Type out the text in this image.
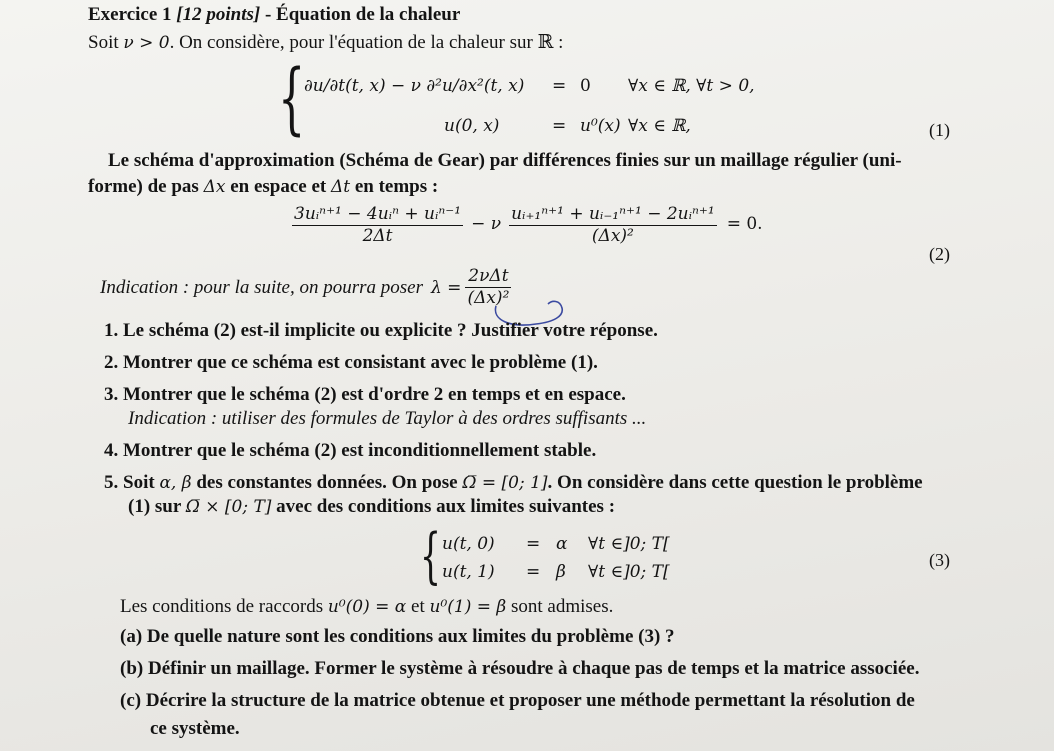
Exercice 1 [12 points] - Équation de la chaleur
Soit ν > 0. On considère, pour l'équation de la chaleur sur ℝ :
{
∂u/∂t(t, x) − ν ∂²u/∂x²(t, x) = 0 ∀x ∈ ℝ, ∀t > 0,
u(0, x)	= u⁰(x) ∀x ∈ ℝ,	(1)
Le schéma d'approximation (Schéma de Gear) par différences finies sur un maillage régulier (uni-
forme) de pas Δx en espace et Δt en temps :
$\frac{\text{3uᵢⁿ⁺¹ − 4uᵢⁿ + uᵢⁿ⁻¹}}{2\Delta t} - \nu \frac{\text{uᵢ₊₁ⁿ⁺¹ + uᵢ₋₁ⁿ⁺¹ − 2uᵢⁿ⁺¹}}{\text{(Δx)²}} = 0$.
(2)
Indication : pour la suite, on pourra poser $\lambda = \frac{\text{2νΔt}}{\text{(Δx)²}}$
1. Le schéma (2) est-il implicite ou explicite ? Justifier votre réponse.
2. Montrer que ce schéma est consistant avec le problème (1).
3. Montrer que le schéma (2) est d'ordre 2 en temps et en espace.
Indication : utiliser des formules de Taylor à des ordres suffisants ...
4. Montrer que le schéma (2) est inconditionnellement stable.
5. Soit α, β des constantes données. On pose Ω̅ = [0; 1]. On considère dans cette question le problème
(1) sur Ω̅ × [0; T] avec des conditions aux limites suivantes :
{ u(t, 0) = α ∀t ∈]0; T[
u(t, 1) = β ∀t ∈]0; T[
(3)
Les conditions de raccords u⁰(0) = α et u⁰(1) = β sont admises.
(a) De quelle nature sont les conditions aux limites du problème (3) ?
(b) Définir un maillage. Former le système à résoudre à chaque pas de temps et la matrice associée.
(c) Décrire la structure de la matrice obtenue et proposer une méthode permettant la résolution de
ce système.
